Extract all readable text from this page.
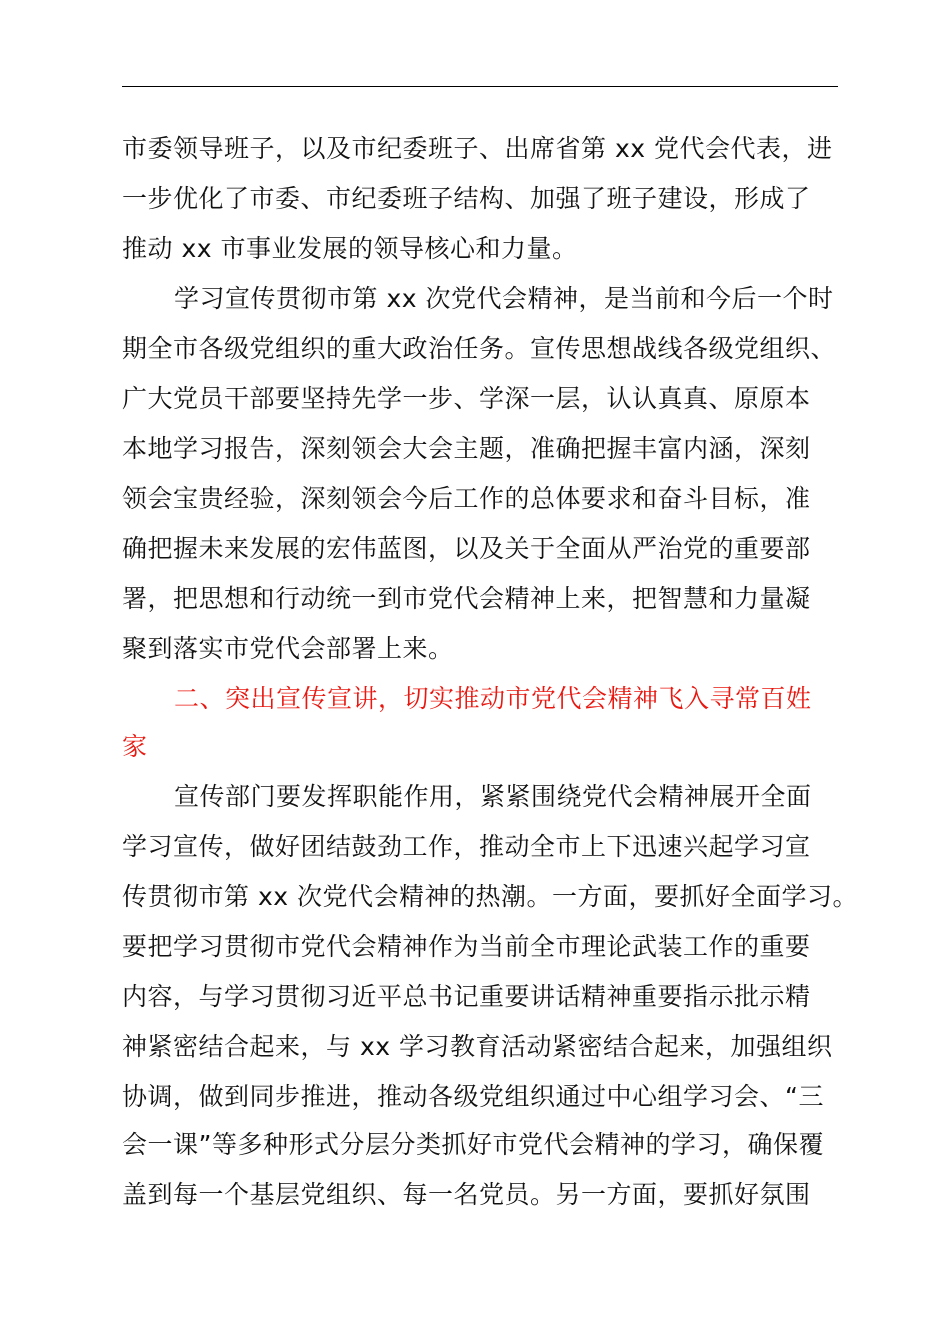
市委领导班子，以及市纪委班子、出席省第 xx 党代会代表，进
一步优化了市委、市纪委班子结构、加强了班子建设，形成了
推动 xx 市事业发展的领导核心和力量。
学习宣传贯彻市第 xx 次党代会精神，是当前和今后一个时
期全市各级党组织的重大政治任务。宣传思想战线各级党组织、
广大党员干部要坚持先学一步、学深一层，认认真真、原原本
本地学习报告，深刻领会大会主题，准确把握丰富内涵，深刻
领会宝贵经验，深刻领会今后工作的总体要求和奋斗目标，准
确把握未来发展的宏伟蓝图，以及关于全面从严治党的重要部
署，把思想和行动统一到市党代会精神上来，把智慧和力量凝
聚到落实市党代会部署上来。
二、突出宣传宣讲，切实推动市党代会精神飞入寻常百姓
家
宣传部门要发挥职能作用，紧紧围绕党代会精神展开全面
学习宣传，做好团结鼓劲工作，推动全市上下迅速兴起学习宣
传贯彻市第 xx 次党代会精神的热潮。一方面，要抓好全面学习。
要把学习贯彻市党代会精神作为当前全市理论武装工作的重要
内容，与学习贯彻习近平总书记重要讲话精神重要指示批示精
神紧密结合起来，与 xx 学习教育活动紧密结合起来，加强组织
协调，做到同步推进，推动各级党组织通过中心组学习会、“三
会一课”等多种形式分层分类抓好市党代会精神的学习，确保覆
盖到每一个基层党组织、每一名党员。另一方面，要抓好氛围
